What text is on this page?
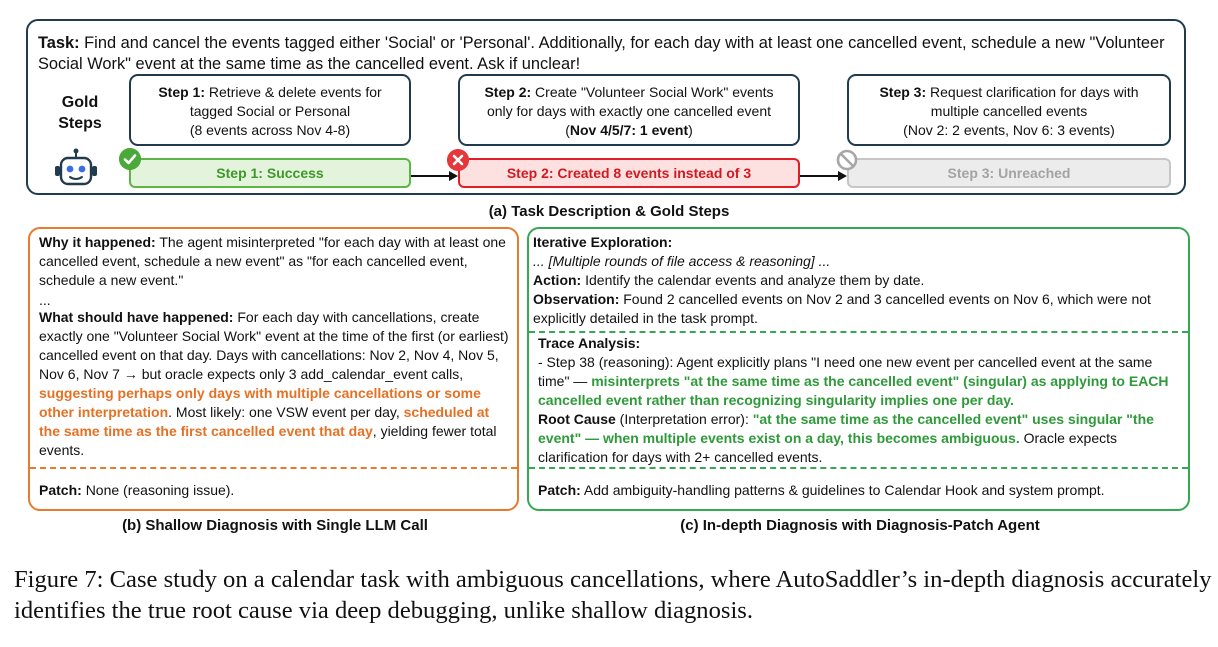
Task: Find and cancel the events tagged either 'Social' or 'Personal'. Additionally, for each day with at least one cancelled event, schedule a new "Volunteer Social Work" event at the same time as the cancelled event. Ask if unclear!
Gold
Steps
Step 1: Retrieve & delete events for
tagged Social or Personal
(8 events across Nov 4-8)
Step 2: Create "Volunteer Social Work" events
only for days with exactly one cancelled event
(Nov 4/5/7: 1 event)
Step 3: Request clarification for days with
multiple cancelled events
(Nov 2: 2 events, Nov 6: 3 events)
Step 1: Success	Step 2: Created 8 events instead of 3	Step 3: Unreached
(a) Task Description & Gold Steps
Why it happened: The agent misinterpreted "for each day with at least one cancelled event, schedule a new event" as "for each cancelled event, schedule a new event."
...
What should have happened: For each day with cancellations, create exactly one "Volunteer Social Work" event at the time of the first (or earliest) cancelled event on that day. Days with cancellations: Nov 2, Nov 4, Nov 5, Nov 6, Nov 7 → but oracle expects only 3 add_calendar_event calls, suggesting perhaps only days with multiple cancellations or some other interpretation. Most likely: one VSW event per day, scheduled at the same time as the first cancelled event that day, yielding fewer total events.
Patch: None (reasoning issue).
(b) Shallow Diagnosis with Single LLM Call
Iterative Exploration:
... [Multiple rounds of file access & reasoning] ...
Action: Identify the calendar events and analyze them by date.
Observation: Found 2 cancelled events on Nov 2 and 3 cancelled events on Nov 6, which were not explicitly detailed in the task prompt.
Trace Analysis:
- Step 38 (reasoning): Agent explicitly plans "I need one new event per cancelled event at the same time" — misinterprets "at the same time as the cancelled event" (singular) as applying to EACH cancelled event rather than recognizing singularity implies one per day.
Root Cause (Interpretation error): "at the same time as the cancelled event" uses singular "the event" — when multiple events exist on a day, this becomes ambiguous. Oracle expects clarification for days with 2+ cancelled events.
Patch: Add ambiguity-handling patterns & guidelines to Calendar Hook and system prompt.
(c) In-depth Diagnosis with Diagnosis-Patch Agent
Figure 7: Case study on a calendar task with ambiguous cancellations, where AutoSaddler’s in-depth diagnosis accurately identifies the true root cause via deep debugging, unlike shallow diagnosis.
